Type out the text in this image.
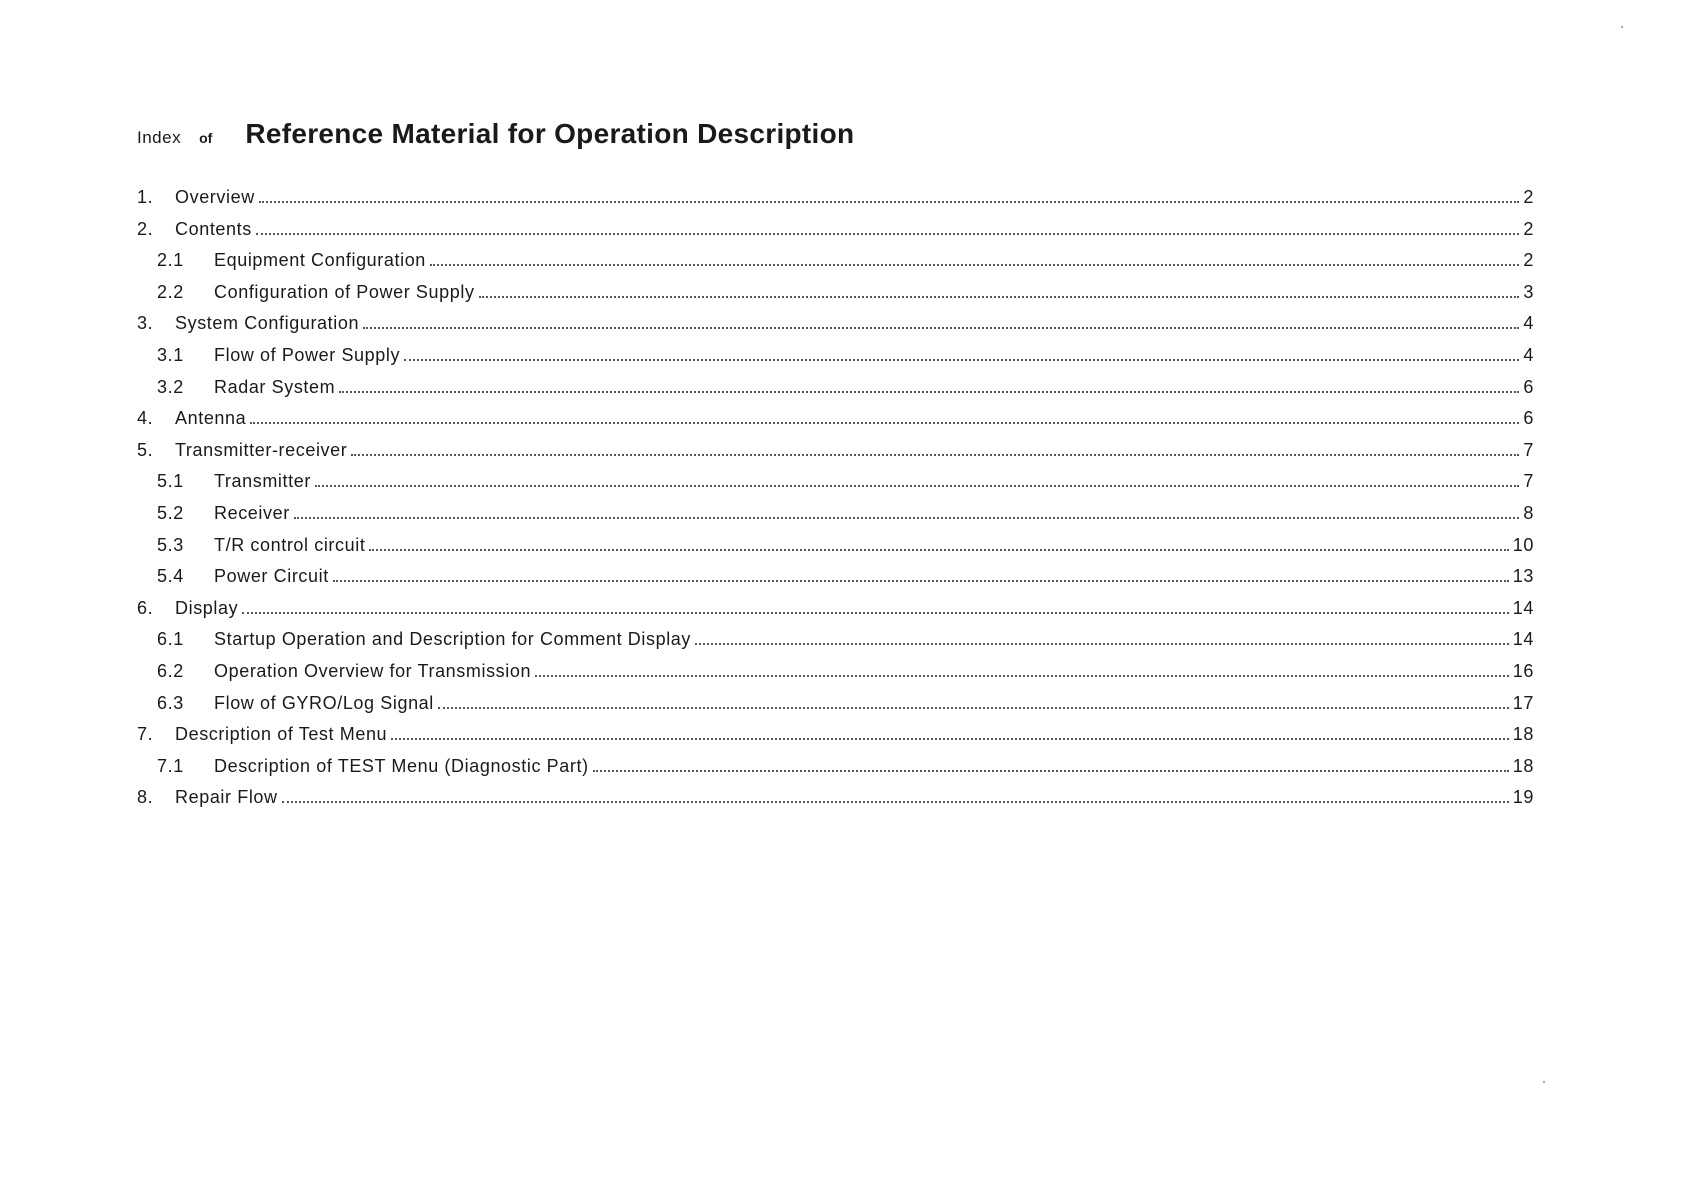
Index of Reference Material for Operation Description
1.	Overview	2
2.	Contents	2
2.1	Equipment Configuration	2
2.2	Configuration of Power Supply	3
3.	System Configuration	4
3.1	Flow of Power Supply	4
3.2	Radar System	6
4.	Antenna	6
5.	Transmitter-receiver	7
5.1	Transmitter	7
5.2	Receiver	8
5.3	T/R control circuit	10
5.4	Power Circuit	13
6.	Display	14
6.1	Startup Operation and Description for Comment Display	14
6.2	Operation Overview for Transmission	16
6.3	Flow of GYRO/Log Signal	17
7.	Description of Test Menu	18
7.1	Description of TEST Menu (Diagnostic Part)	18
8.	Repair Flow	19
